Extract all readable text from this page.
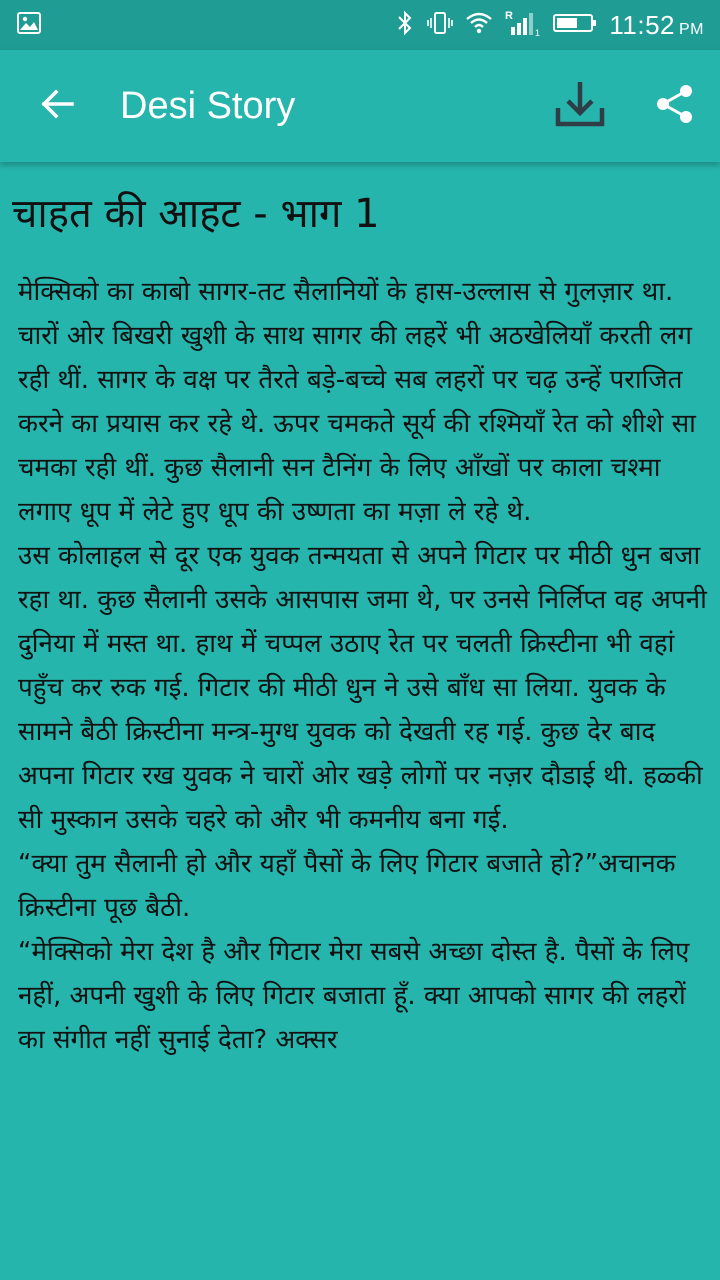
R
1	11:52 PM
Desi Story
चाहत की आहट - भाग 1

मेक्सिको का काबो सागर-तट सैलानियों के हास-उल्लास से गुलज़ार था. चारों ओर बिखरी खुशी के साथ सागर की लहरें भी अठखेलियाँ करती लग रही थीं. सागर के वक्ष पर तैरते बड़े-बच्चे सब लहरों पर चढ़ उन्हें पराजित करने का प्रयास कर रहे थे. ऊपर चमकते सूर्य की रश्मियाँ रेत को शीशे सा चमका रही थीं. कुछ सैलानी सन टैनिंग के लिए आँखों पर काला चश्मा लगाए धूप में लेटे हुए धूप की उष्णता का मज़ा ले रहे थे.

उस कोलाहल से दूर एक युवक तन्मयता से अपने गिटार पर मीठी धुन बजा रहा था. कुछ सैलानी उसके आसपास जमा थे, पर उनसे निर्लिप्त वह अपनी दुनिया में मस्त था. हाथ में चप्पल उठाए रेत पर चलती क्रिस्टीना भी वहां पहुँच कर रुक गई. गिटार की मीठी धुन ने उसे बाँध सा लिया. युवक के सामने बैठी क्रिस्टीना मन्त्र-मुग्ध युवक को देखती रह गई. कुछ देर बाद अपना गिटार रख युवक ने चारों ओर खड़े लोगों पर नज़र दौडाई थी. हळ्की सी मुस्कान उसके चहरे को और भी कमनीय बना गई.

“क्या तुम सैलानी हो और यहाँ पैसों के लिए गिटार बजाते हो?”अचानक क्रिस्टीना पूछ बैठी.

“मेक्सिको मेरा देश है और गिटार मेरा सबसे अच्छा दोस्त है. पैसों के लिए नहीं, अपनी खुशी के लिए गिटार बजाता हूँ. क्या आपको सागर की लहरों का संगीत नहीं सुनाई देता? अक्सर
